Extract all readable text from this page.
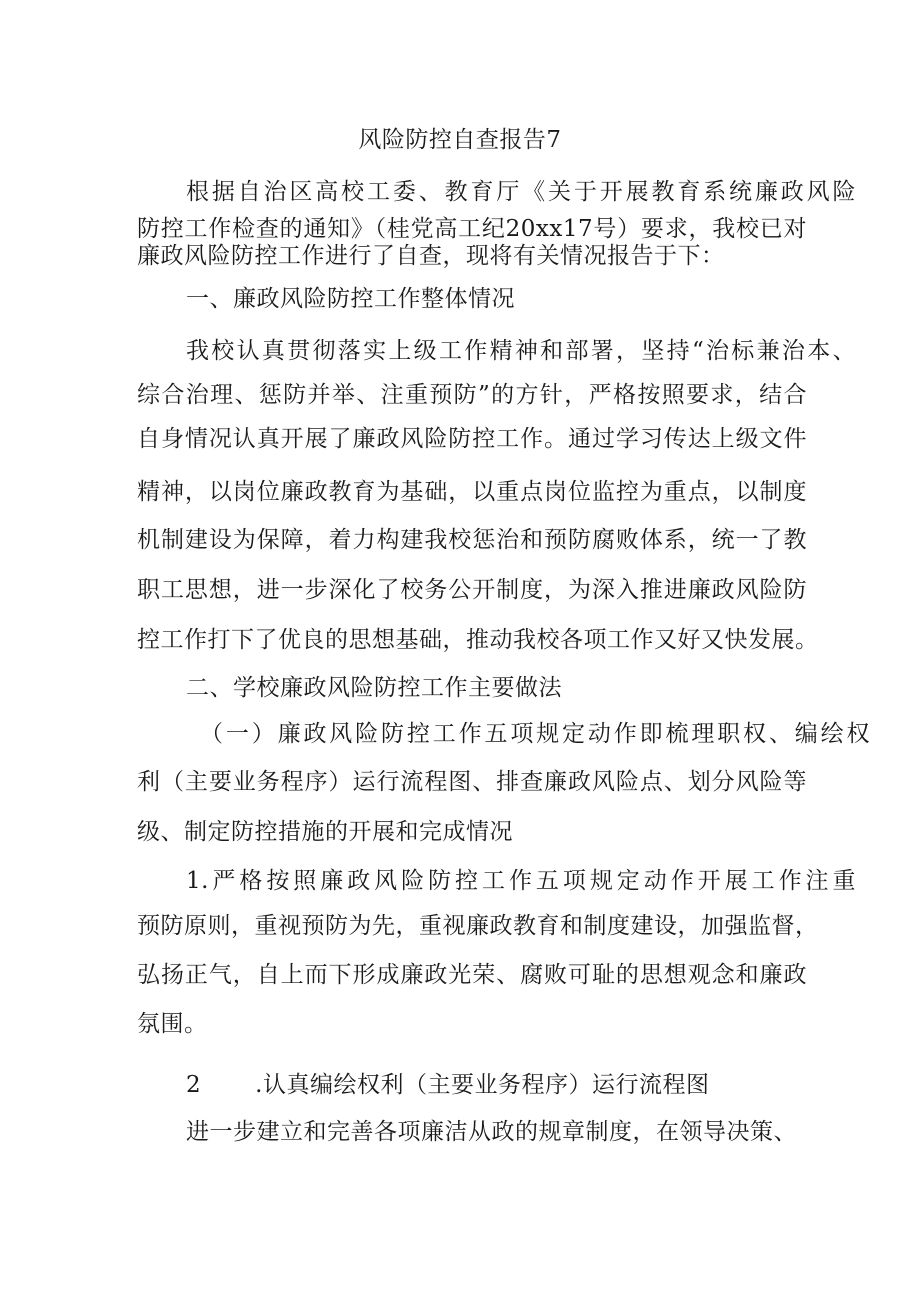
风险防控自查报告7
根据自治区高校工委、教育厅《关于开展教育系统廉政风险
防控工作检查的通知》（桂党高工纪20xx17号）要求，我校已对
廉政风险防控工作进行了自查，现将有关情况报告于下：
一、廉政风险防控工作整体情况
我校认真贯彻落实上级工作精神和部署，坚持“治标兼治本、
综合治理、惩防并举、注重预防”的方针，严格按照要求，结合
自身情况认真开展了廉政风险防控工作。通过学习传达上级文件
精神，以岗位廉政教育为基础，以重点岗位监控为重点，以制度
机制建设为保障，着力构建我校惩治和预防腐败体系，统一了教
职工思想，进一步深化了校务公开制度，为深入推进廉政风险防
控工作打下了优良的思想基础，推动我校各项工作又好又快发展。
二、学校廉政风险防控工作主要做法
（一）廉政风险防控工作五项规定动作即梳理职权、编绘权
利（主要业务程序）运行流程图、排查廉政风险点、划分风险等
级、制定防控措施的开展和完成情况
1.严格按照廉政风险防控工作五项规定动作开展工作注重
预防原则，重视预防为先，重视廉政教育和制度建设，加强监督，
弘扬正气，自上而下形成廉政光荣、腐败可耻的思想观念和廉政
氛围。
2 .认真编绘权利（主要业务程序）运行流程图
进一步建立和完善各项廉洁从政的规章制度，在领导决策、
